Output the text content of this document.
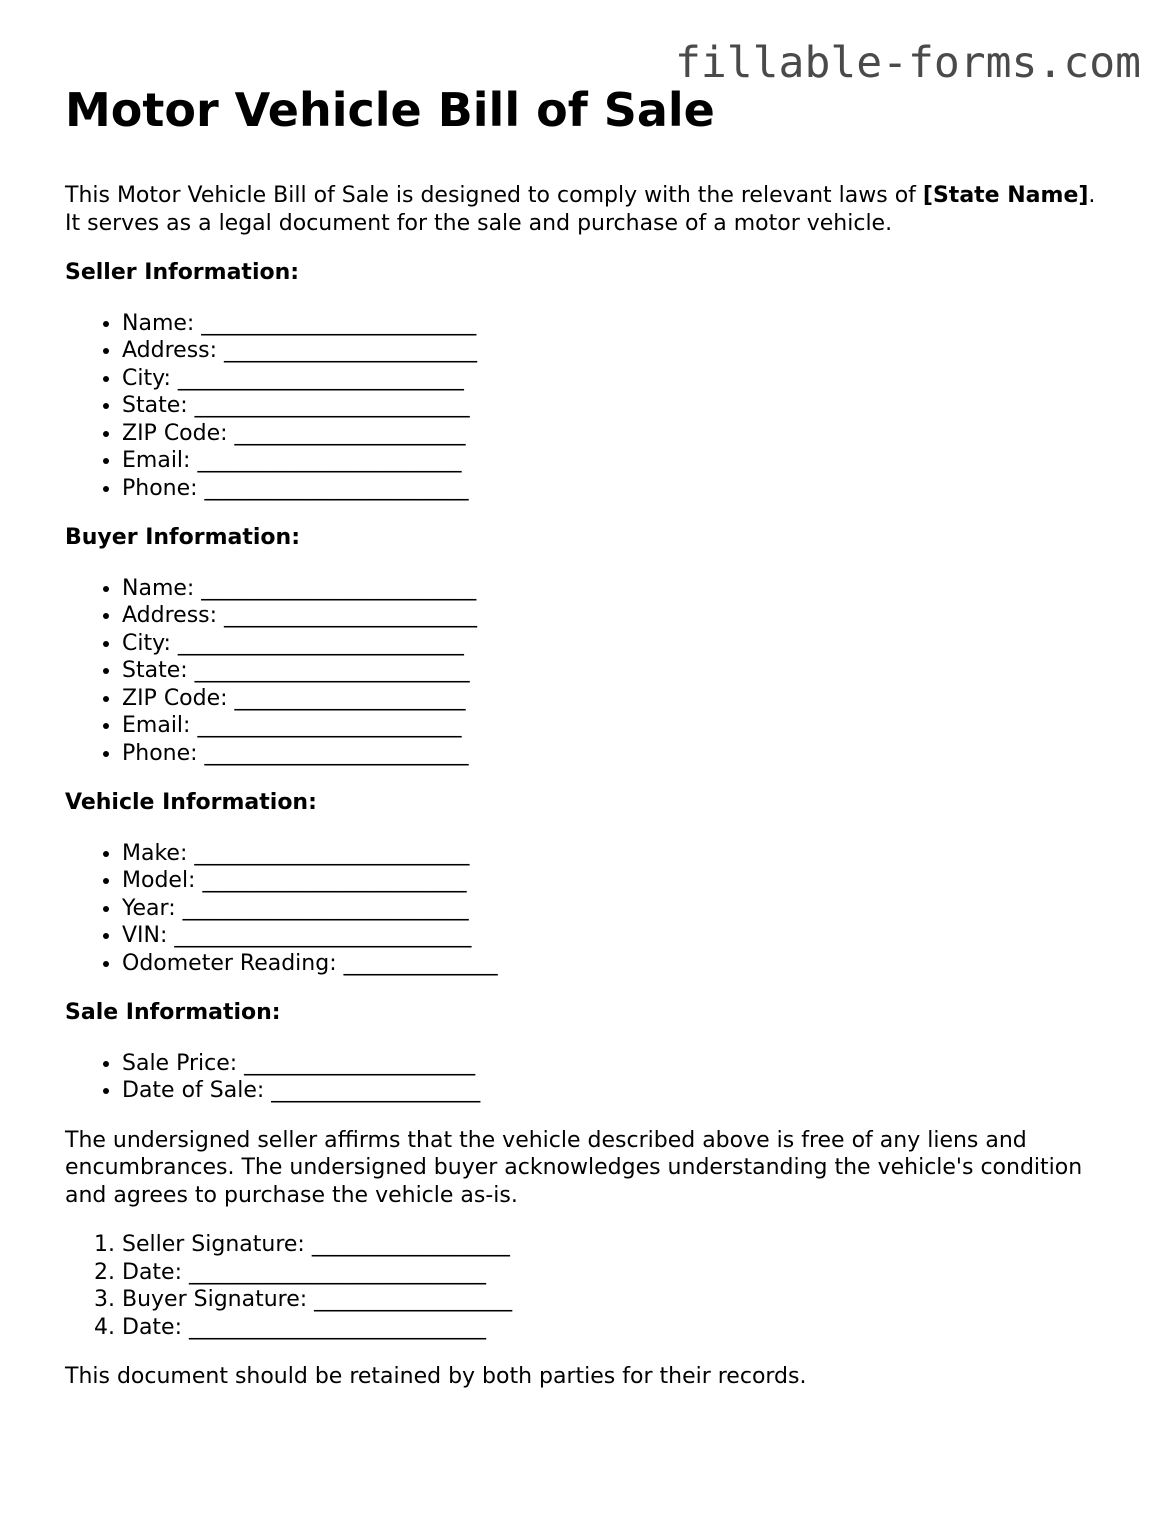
fillable-forms.com
Motor Vehicle Bill of Sale

This Motor Vehicle Bill of Sale is designed to comply with the relevant laws of [State Name]. It serves as a legal document for the sale and purchase of a motor vehicle.

Seller Information:
• Name: _________________________
• Address: _______________________
• City: __________________________
• State: _________________________
• ZIP Code: _____________________
• Email: ________________________
• Phone: ________________________
Buyer Information:
• Name: _________________________
• Address: _______________________
• City: __________________________
• State: _________________________
• ZIP Code: _____________________
• Email: ________________________
• Phone: ________________________
Vehicle Information:
• Make: _________________________
• Model: ________________________
• Year: __________________________
• VIN: ___________________________
• Odometer Reading: ______________
Sale Information:
• Sale Price: _____________________
• Date of Sale: ___________________

The undersigned seller affirms that the vehicle described above is free of any liens and encumbrances. The undersigned buyer acknowledges understanding the vehicle's condition and agrees to purchase the vehicle as-is.

1. Seller Signature: __________________
2. Date: ___________________________
3. Buyer Signature: __________________
4. Date: ___________________________

This document should be retained by both parties for their records.
